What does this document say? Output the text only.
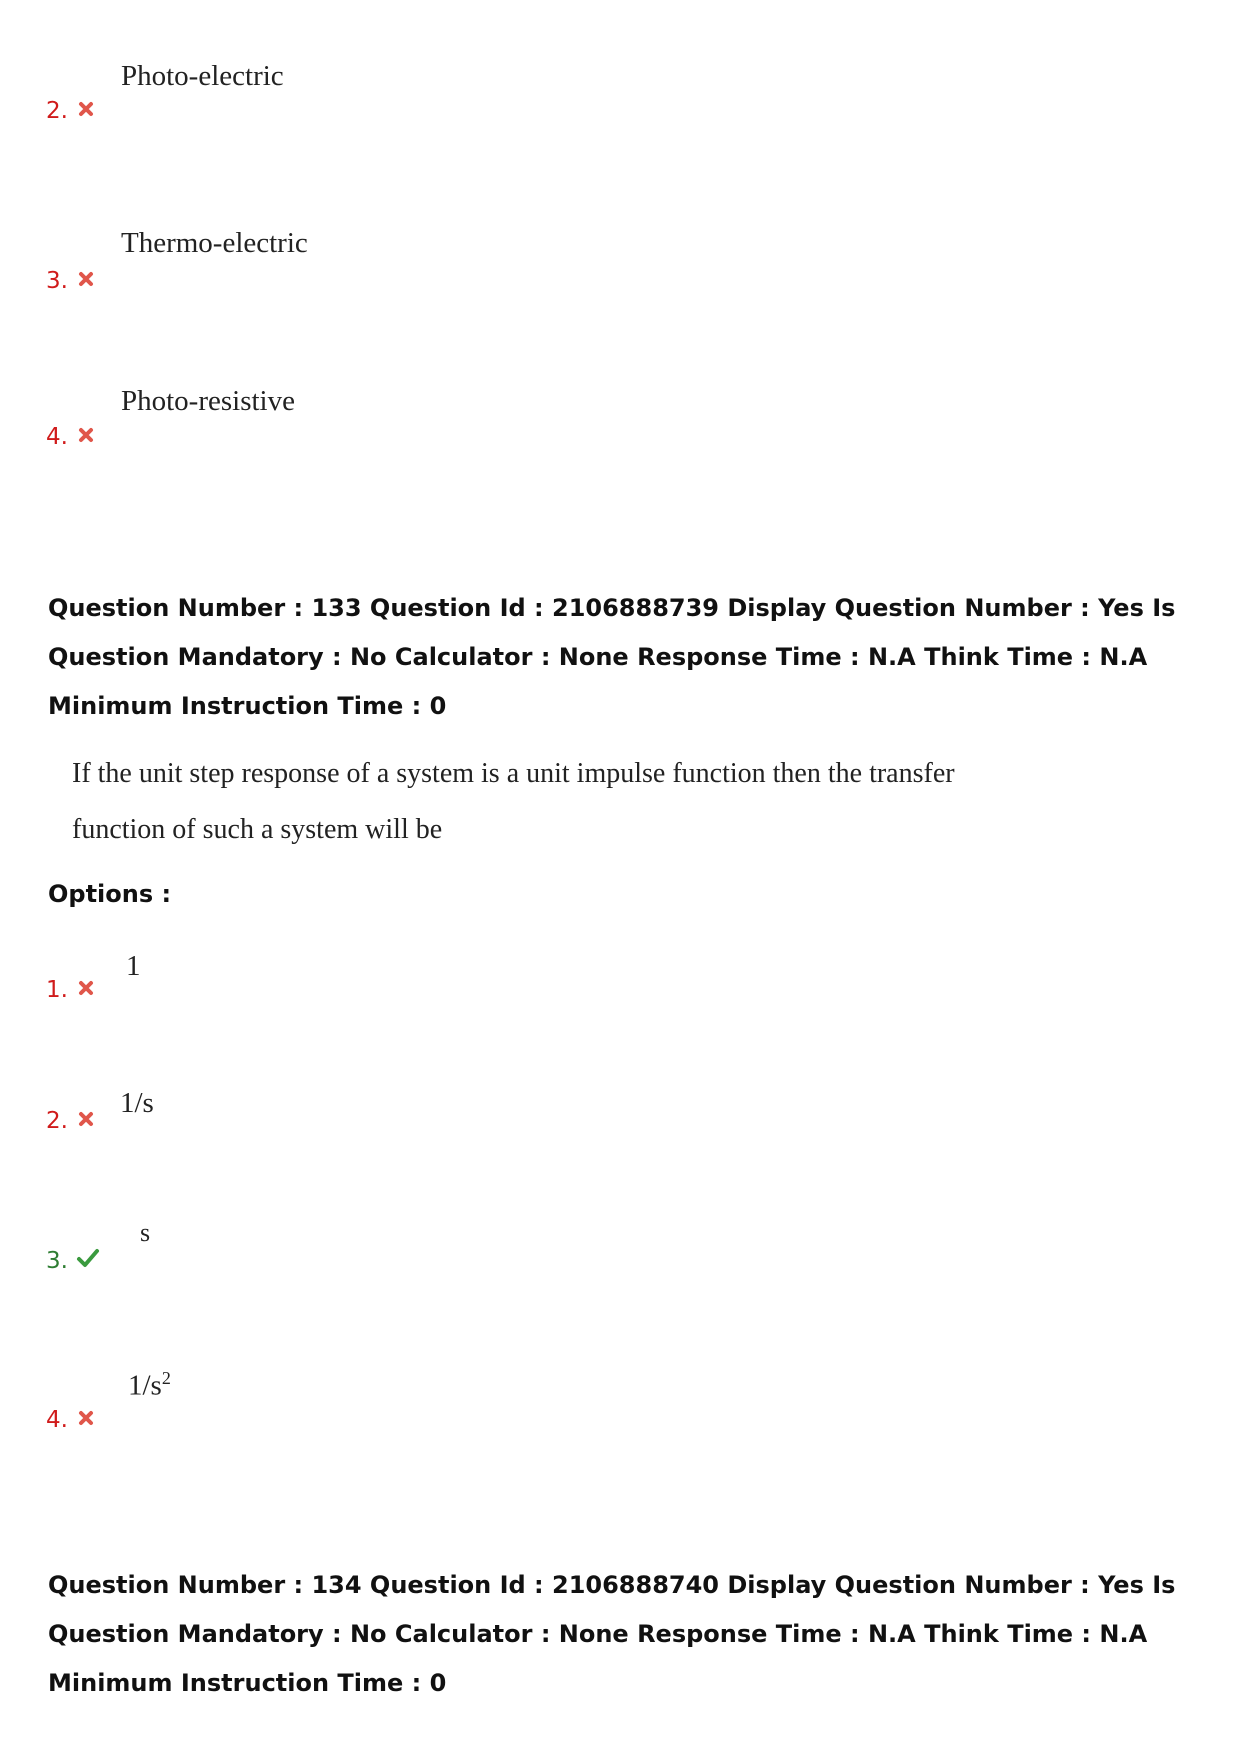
2.
Photo-electric
3.
Thermo-electric
4.
Photo-resistive
Question Number : 133 Question Id : 2106888739 Display Question Number : Yes Is Question Mandatory : No Calculator : None Response Time : N.A Think Time : N.A Minimum Instruction Time : 0
If the unit step response of a system is a unit impulse function then the transfer
function of such a system will be
Options :
1.
1
2.
1/s
3.
s
4.
$1/s^2$
Question Number : 134 Question Id : 2106888740 Display Question Number : Yes Is Question Mandatory : No Calculator : None Response Time : N.A Think Time : N.A Minimum Instruction Time : 0
